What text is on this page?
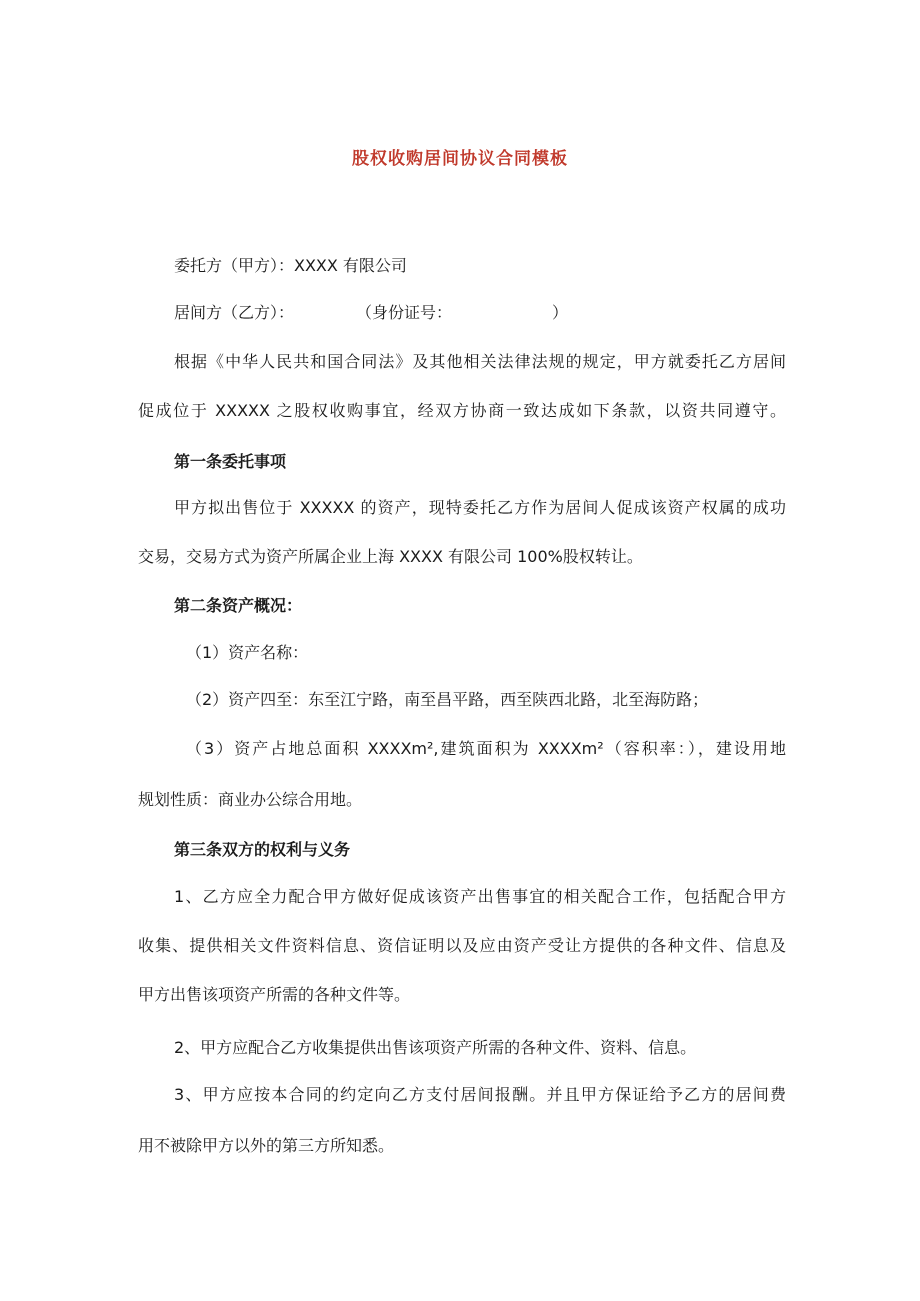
股权收购居间协议合同模板
委托方（甲方）：XXXX 有限公司
居间方（乙方）：	（身份证号：	）
根据《中华人民共和国合同法》及其他相关法律法规的规定，甲方就委托乙方居间
促成位于 XXXXX 之股权收购事宜，经双方协商一致达成如下条款，以资共同遵守。
第一条委托事项
甲方拟出售位于 XXXXX 的资产，现特委托乙方作为居间人促成该资产权属的成功
交易，交易方式为资产所属企业上海 XXXX 有限公司 100%股权转让。
第二条资产概况：
（1）资产名称：
（2）资产四至：东至江宁路，南至昌平路，西至陕西北路，北至海防路；
（3）资产占地总面积 XXXXm²,建筑面积为 XXXXm²（容积率：），建设用地
规划性质：商业办公综合用地。
第三条双方的权利与义务
1、乙方应全力配合甲方做好促成该资产出售事宜的相关配合工作，包括配合甲方
收集、提供相关文件资料信息、资信证明以及应由资产受让方提供的各种文件、信息及
甲方出售该项资产所需的各种文件等。
2、甲方应配合乙方收集提供出售该项资产所需的各种文件、资料、信息。
3、甲方应按本合同的约定向乙方支付居间报酬。并且甲方保证给予乙方的居间费
用不被除甲方以外的第三方所知悉。
